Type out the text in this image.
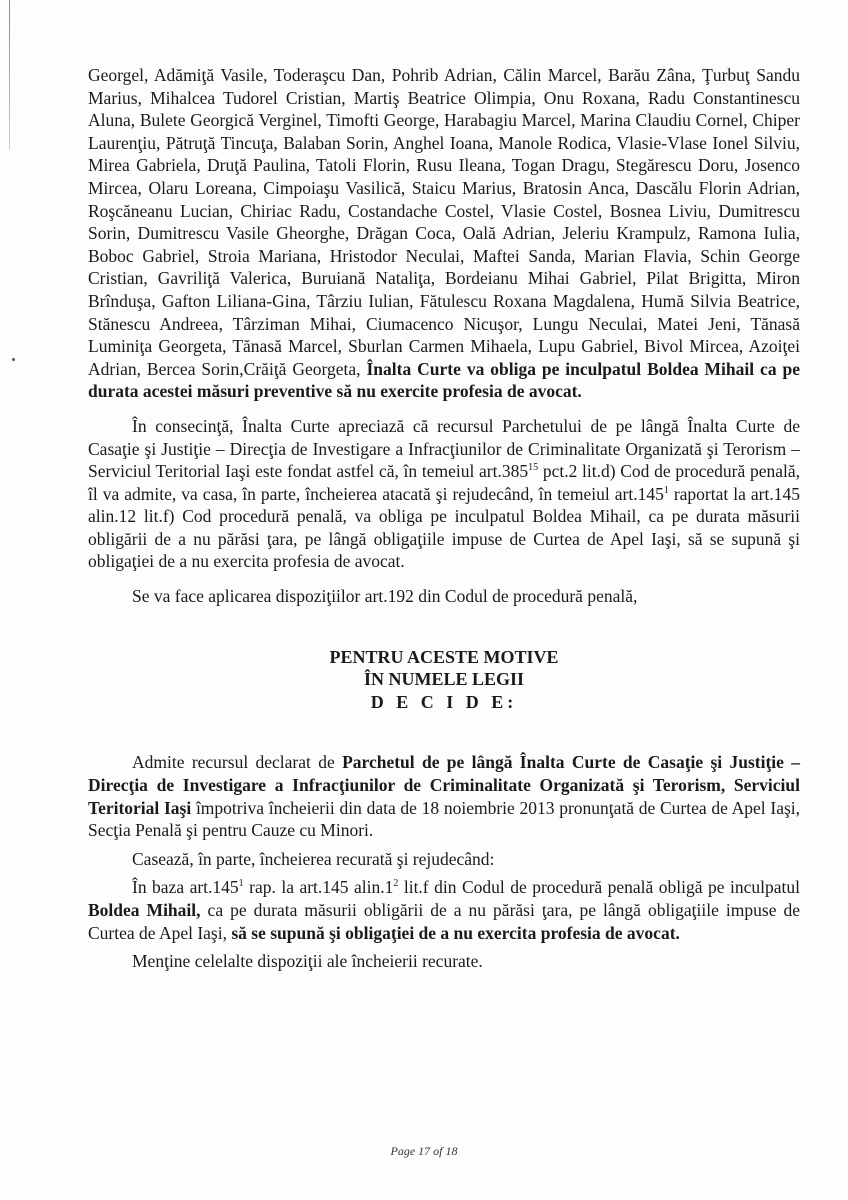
Georgel, Adămiţă Vasile, Toderaşcu Dan, Pohrib Adrian, Călin Marcel, Barău Zâna, Ţurbuţ Sandu Marius, Mihalcea Tudorel Cristian, Martiş Beatrice Olimpia, Onu Roxana, Radu Constantinescu Aluna, Bulete Georgică Verginel, Timofti George, Harabagiu Marcel, Marina Claudiu Cornel, Chiper Laurenţiu, Pătruţă Tincuţa, Balaban Sorin, Anghel Ioana, Manole Rodica, Vlasie-Vlase Ionel Silviu, Mirea Gabriela, Druţă Paulina, Tatoli Florin, Rusu Ileana, Togan Dragu, Stegărescu Doru, Josenco Mircea, Olaru Loreana, Cimpoiaşu Vasilică, Staicu Marius, Bratosin Anca, Dascălu Florin Adrian, Roşcăneanu Lucian, Chiriac Radu, Costandache Costel, Vlasie Costel, Bosnea Liviu, Dumitrescu Sorin, Dumitrescu Vasile Gheorghe, Drăgan Coca, Oală Adrian, Jeleriu Krampulz, Ramona Iulia, Boboc Gabriel, Stroia Mariana, Hristodor Neculai, Maftei Sanda, Marian Flavia, Schin George Cristian, Gavriliţă Valerica, Buruiană Nataliţa, Bordeianu Mihai Gabriel, Pilat Brigitta, Miron Brînduşa, Gafton Liliana-Gina, Târziu Iulian, Fătulescu Roxana Magdalena, Humă Silvia Beatrice, Stănescu Andreea, Târziman Mihai, Ciumacenco Nicuşor, Lungu Neculai, Matei Jeni, Tănasă Luminiţa Georgeta, Tănasă Marcel, Sburlan Carmen Mihaela, Lupu Gabriel, Bivol Mircea, Azoiţei Adrian, Bercea Sorin,Crăiţă Georgeta, Înalta Curte va obliga pe inculpatul Boldea Mihail ca pe durata acestei măsuri preventive să nu exercite profesia de avocat.

În consecinţă, Înalta Curte apreciază că recursul Parchetului de pe lângă Înalta Curte de Casaţie şi Justiţie – Direcţia de Investigare a Infracţiunilor de Criminalitate Organizată şi Terorism – Serviciul Teritorial Iaşi este fondat astfel că, în temeiul art.385$^{15}$ pct.2 lit.d) Cod de procedură penală, îl va admite, va casa, în parte, încheierea atacată şi rejudecând, în temeiul art.145$^1$ raportat la art.145 alin.12 lit.f) Cod procedură penală, va obliga pe inculpatul Boldea Mihail, ca pe durata măsurii obligării de a nu părăsi ţara, pe lângă obligaţiile impuse de Curtea de Apel Iaşi, să se supună şi obligaţiei de a nu exercita profesia de avocat.

Se va face aplicarea dispoziţiilor art.192 din Codul de procedură penală,

PENTRU ACESTE MOTIVE

ÎN NUMELE LEGII

D E C I D E:

Admite recursul declarat de Parchetul de pe lângă Înalta Curte de Casaţie şi Justiţie – Direcţia de Investigare a Infracţiunilor de Criminalitate Organizată şi Terorism, Serviciul Teritorial Iaşi împotriva încheierii din data de 18 noiembrie 2013 pronunţată de Curtea de Apel Iaşi, Secţia Penală şi pentru Cauze cu Minori.

Casează, în parte, încheierea recurată şi rejudecând:

În baza art.145$^1$ rap. la art.145 $alin.1^2$ lit.f din Codul de procedură penală obligă pe inculpatul Boldea Mihail, ca pe durata măsurii obligării de a nu părăsi ţara, pe lângă obligaţiile impuse de Curtea de Apel Iaşi, să se supună şi obligaţiei de a nu exercita profesia de avocat.

Menţine celelalte dispoziţii ale încheierii recurate.

Page 17 of 18
